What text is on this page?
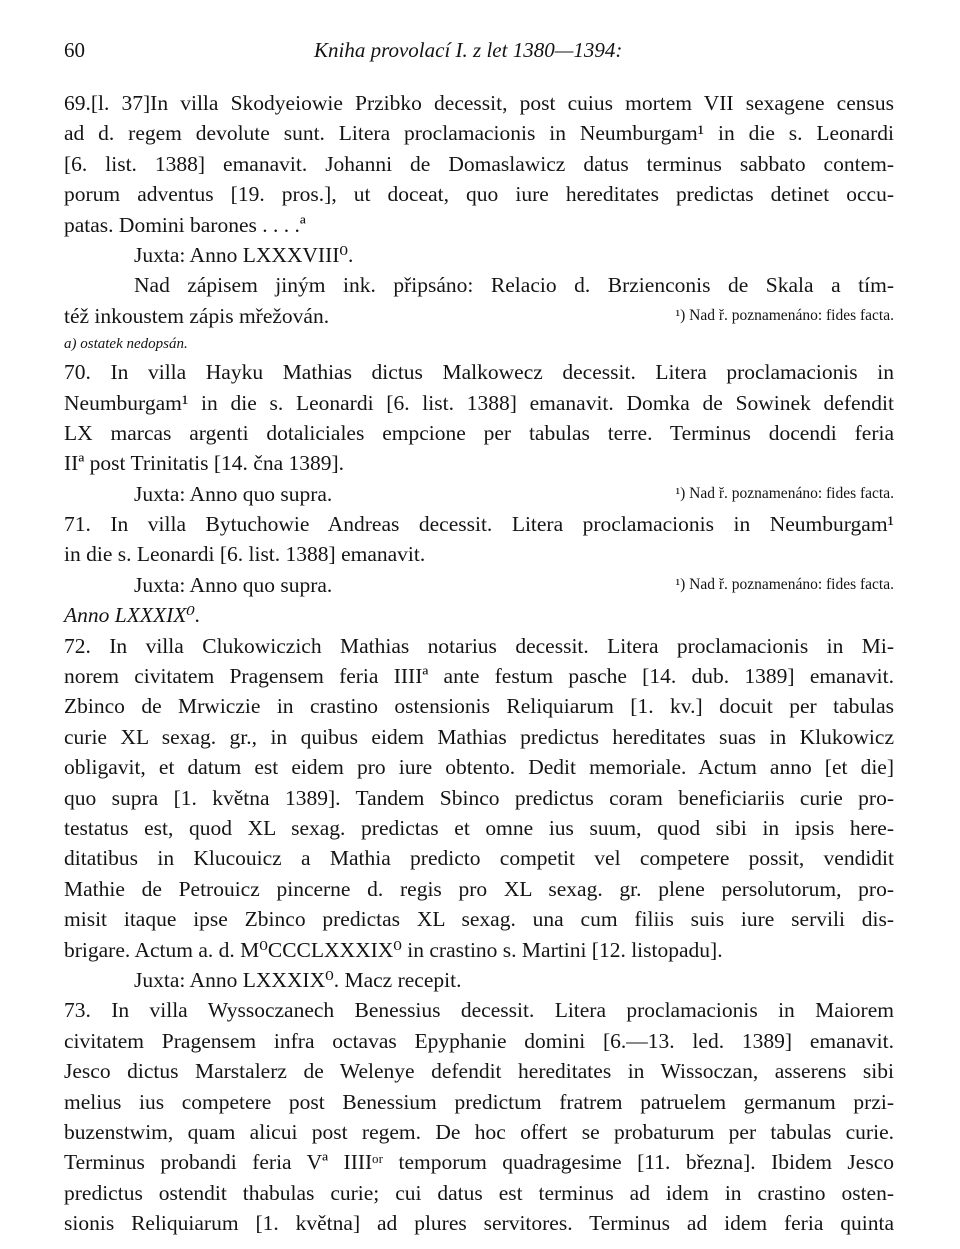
60	Kniha provolací I. z let 1380—1394:
69.[l. 37]In villa Skodyeiowie Przibko decessit, post cuius mortem VII sexagene census
ad d. regem devolute sunt. Litera proclamacionis in Neumburgam¹ in die s. Leonardi
[6. list. 1388] emanavit. Johanni de Domaslawicz datus terminus sabbato contem-
porum adventus [19. pros.], ut doceat, quo iure hereditates predictas detinet occu-
patas. Domini barones . . . .ª
Juxta: Anno LXXXVIII⁰.
Nad zápisem jiným ink. připsáno: Relacio d. Brzienconis de Skala a tím-
též inkoustem zápis mřežován.	¹) Nad ř. poznamenáno: fides facta.
a) ostatek nedopsán.
70. In villa Hayku Mathias dictus Malkowecz decessit. Litera proclamacionis in
Neumburgam¹ in die s. Leonardi [6. list. 1388] emanavit. Domka de Sowinek defendit
LX marcas argenti dotaliciales empcione per tabulas terre. Terminus docendi feria
IIª post Trinitatis [14. čna 1389].
Juxta: Anno quo supra.	¹) Nad ř. poznamenáno: fides facta.
71. In villa Bytuchowie Andreas decessit. Litera proclamacionis in Neumburgam¹
in die s. Leonardi [6. list. 1388] emanavit.
Juxta: Anno quo supra.	¹) Nad ř. poznamenáno: fides facta.
Anno LXXXIX⁰.
72. In villa Clukowiczich Mathias notarius decessit. Litera proclamacionis in Mi-
norem civitatem Pragensem feria IIIIª ante festum pasche [14. dub. 1389] emanavit.
Zbinco de Mrwiczie in crastino ostensionis Reliquiarum [1. kv.] docuit per tabulas
curie XL sexag. gr., in quibus eidem Mathias predictus hereditates suas in Klukowicz
obligavit, et datum est eidem pro iure obtento. Dedit memoriale. Actum anno [et die]
quo supra [1. května 1389]. Tandem Sbinco predictus coram beneficiariis curie pro-
testatus est, quod XL sexag. predictas et omne ius suum, quod sibi in ipsis here-
ditatibus in Klucouicz a Mathia predicto competit vel competere possit, vendidit
Mathie de Petrouicz pincerne d. regis pro XL sexag. gr. plene persolutorum, pro-
misit itaque ipse Zbinco predictas XL sexag. una cum filiis suis iure servili dis-
brigare. Actum a. d. M⁰CCCLXXXIX⁰ in crastino s. Martini [12. listopadu].
Juxta: Anno LXXXIX⁰. Macz recepit.
73. In villa Wyssoczanech Benessius decessit. Litera proclamacionis in Maiorem
civitatem Pragensem infra octavas Epyphanie domini [6.—13. led. 1389] emanavit.
Jesco dictus Marstalerz de Welenye defendit hereditates in Wissoczan, asserens sibi
melius ius competere post Benessium predictum fratrem patruelem germanum przi-
buzenstwim, quam alicui post regem. De hoc offert se probaturum per tabulas curie.
Terminus probandi feria Vª IIIIᵒʳ temporum quadragesime [11. března]. Ibidem Jesco
predictus ostendit thabulas curie; cui datus est terminus ad idem in crastino osten-
sionis Reliquiarum [1. května] ad plures servitores. Terminus ad idem feria quinta
